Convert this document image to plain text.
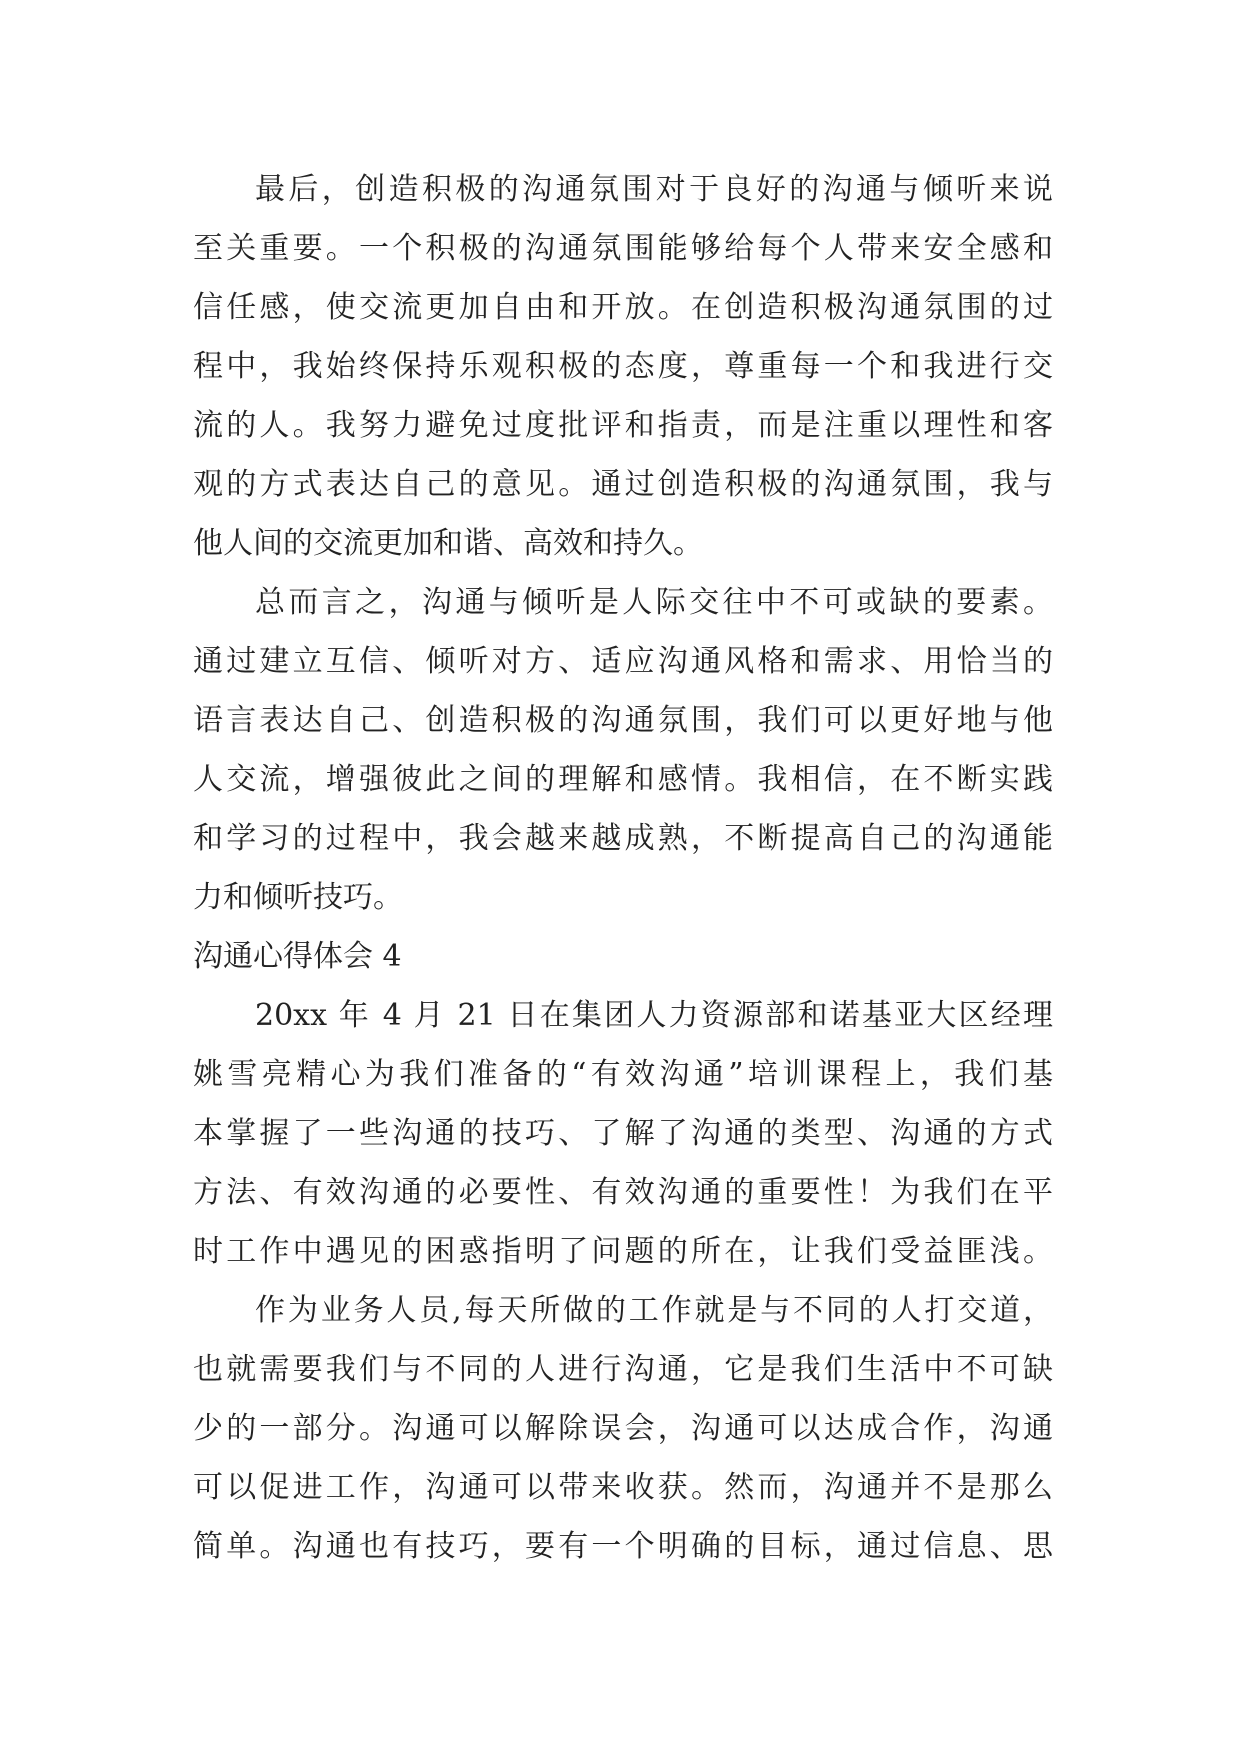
最后，创造积极的沟通氛围对于良好的沟通与倾听来说
至关重要。一个积极的沟通氛围能够给每个人带来安全感和
信任感，使交流更加自由和开放。在创造积极沟通氛围的过
程中，我始终保持乐观积极的态度，尊重每一个和我进行交
流的人。我努力避免过度批评和指责，而是注重以理性和客
观的方式表达自己的意见。通过创造积极的沟通氛围，我与
他人间的交流更加和谐、高效和持久。
总而言之，沟通与倾听是人际交往中不可或缺的要素。
通过建立互信、倾听对方、适应沟通风格和需求、用恰当的
语言表达自己、创造积极的沟通氛围，我们可以更好地与他
人交流，增强彼此之间的理解和感情。我相信，在不断实践
和学习的过程中，我会越来越成熟，不断提高自己的沟通能
力和倾听技巧。
沟通心得体会 4
20xx 年 4 月 21 日在集团人力资源部和诺基亚大区经理
姚雪亮精心为我们准备的“有效沟通”培训课程上，我们基
本掌握了一些沟通的技巧、了解了沟通的类型、沟通的方式
方法、有效沟通的必要性、有效沟通的重要性！为我们在平
时工作中遇见的困惑指明了问题的所在，让我们受益匪浅。
作为业务人员,每天所做的工作就是与不同的人打交道，
也就需要我们与不同的人进行沟通，它是我们生活中不可缺
少的一部分。沟通可以解除误会，沟通可以达成合作，沟通
可以促进工作，沟通可以带来收获。然而，沟通并不是那么
简单。沟通也有技巧，要有一个明确的目标，通过信息、思
